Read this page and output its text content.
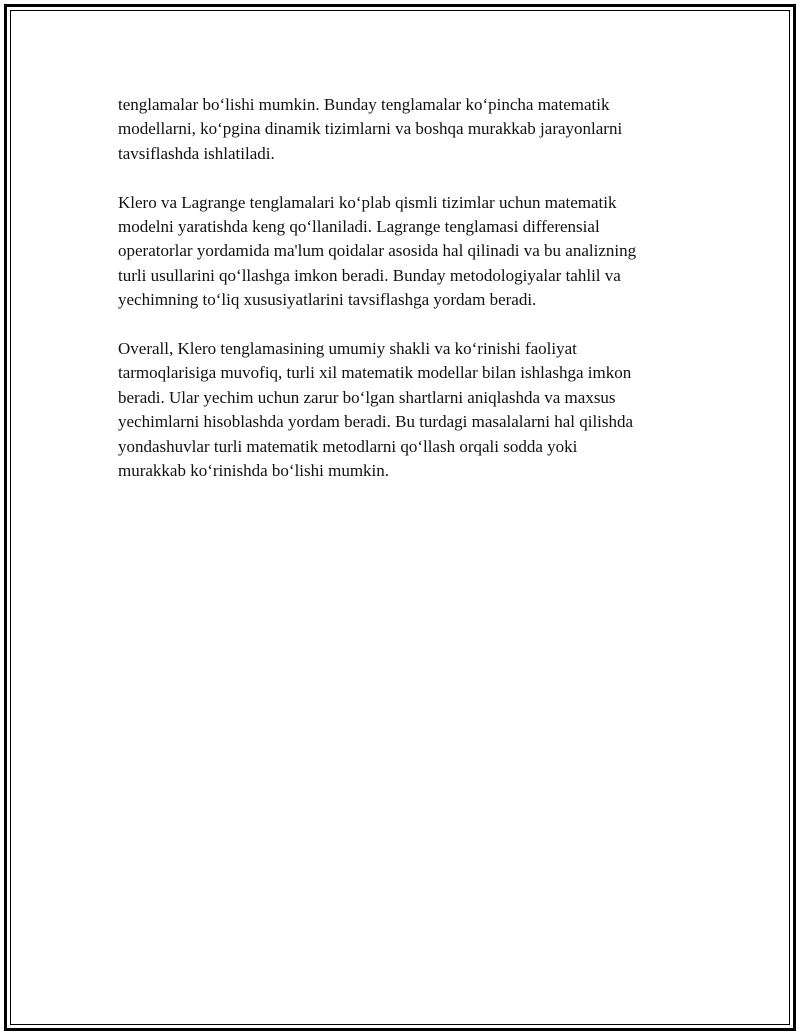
tenglamalar bo‘lishi mumkin. Bunday tenglamalar ko‘pincha matematik
modellarni, ko‘pgina dinamik tizimlarni va boshqa murakkab jarayonlarni
tavsiflashda ishlatiladi.

Klero va Lagrange tenglamalari ko‘plab qismli tizimlar uchun matematik
modelni yaratishda keng qo‘llaniladi. Lagrange tenglamasi differensial
operatorlar yordamida ma'lum qoidalar asosida hal qilinadi va bu analizning
turli usullarini qo‘llashga imkon beradi. Bunday metodologiyalar tahlil va
yechimning to‘liq xususiyatlarini tavsiflashga yordam beradi.

Overall, Klero tenglamasining umumiy shakli va ko‘rinishi faoliyat
tarmoqlarisiga muvofiq, turli xil matematik modellar bilan ishlashga imkon
beradi. Ular yechim uchun zarur bo‘lgan shartlarni aniqlashda va maxsus
yechimlarni hisoblashda yordam beradi. Bu turdagi masalalarni hal qilishda
yondashuvlar turli matematik metodlarni qo‘llash orqali sodda yoki
murakkab ko‘rinishda bo‘lishi mumkin.
